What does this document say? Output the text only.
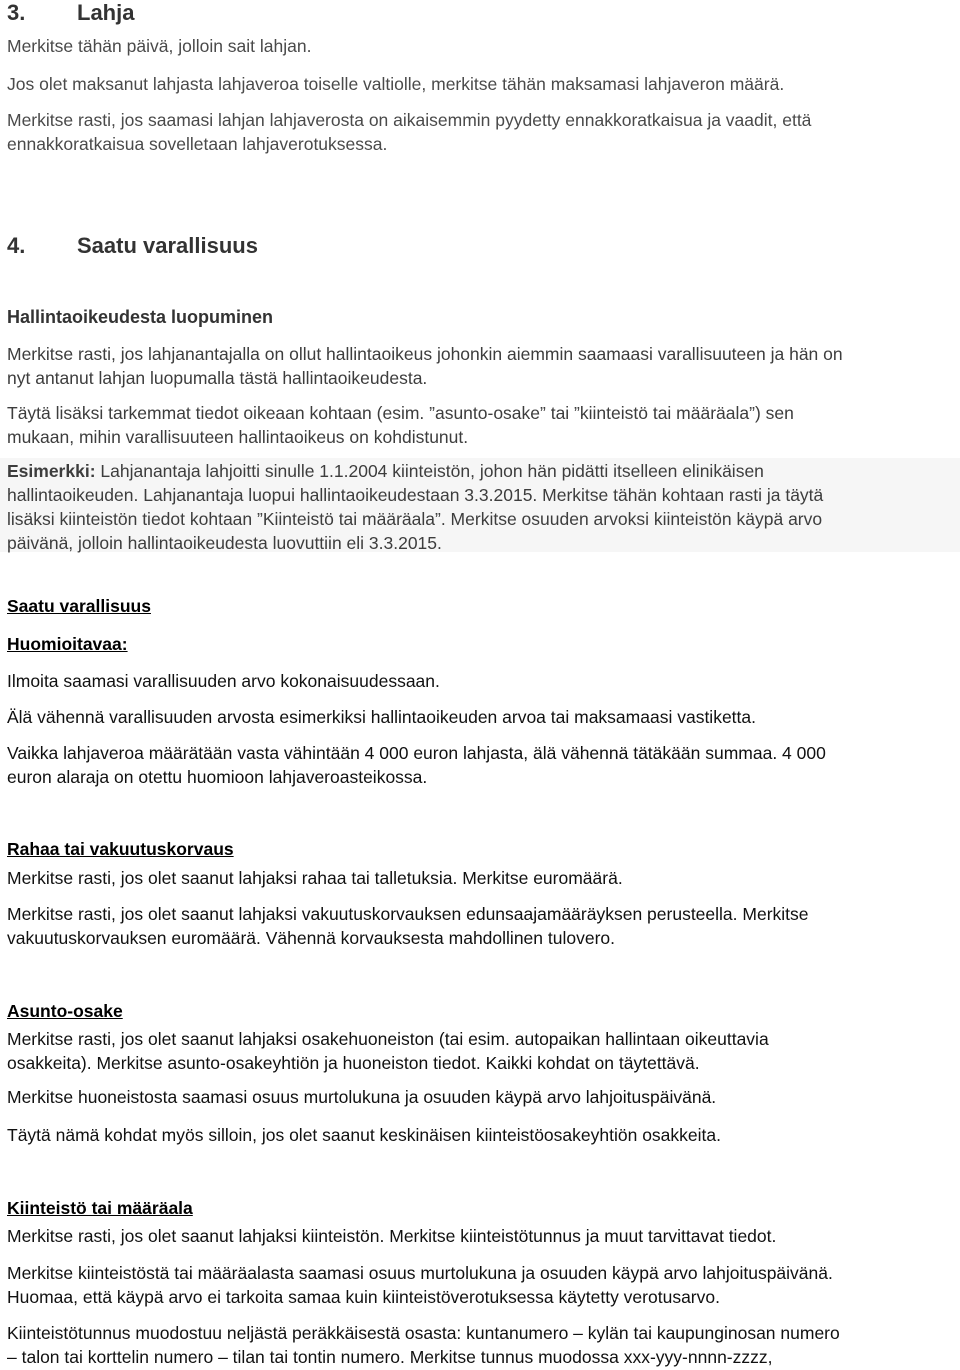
3. Lahja

Merkitse tähän päivä, jolloin sait lahjan.

Jos olet maksanut lahjasta lahjaveroa toiselle valtiolle, merkitse tähän maksamasi lahjaveron määrä.

Merkitse rasti, jos saamasi lahjan lahjaverosta on aikaisemmin pyydetty ennakkoratkaisua ja vaadit, että
ennakkoratkaisua sovelletaan lahjaverotuksessa.

4. Saatu varallisuus
Hallintaoikeudesta luopuminen

Merkitse rasti, jos lahjanantajalla on ollut hallintaoikeus johonkin aiemmin saamaasi varallisuuteen ja hän on
nyt antanut lahjan luopumalla tästä hallintaoikeudesta.

Täytä lisäksi tarkemmat tiedot oikeaan kohtaan (esim. ”asunto-osake” tai ”kiinteistö tai määräala”) sen
mukaan, mihin varallisuuteen hallintaoikeus on kohdistunut.

Esimerkki: Lahjanantaja lahjoitti sinulle 1.1.2004 kiinteistön, johon hän pidätti itselleen elinikäisen
hallintaoikeuden. Lahjanantaja luopui hallintaoikeudestaan 3.3.2015. Merkitse tähän kohtaan rasti ja täytä
lisäksi kiinteistön tiedot kohtaan ”Kiinteistö tai määräala”. Merkitse osuuden arvoksi kiinteistön käypä arvo
päivänä, jolloin hallintaoikeudesta luovuttiin eli 3.3.2015.

Saatu varallisuus
Huomioitavaa:

Ilmoita saamasi varallisuuden arvo kokonaisuudessaan.

Älä vähennä varallisuuden arvosta esimerkiksi hallintaoikeuden arvoa tai maksamaasi vastiketta.

Vaikka lahjaveroa määrätään vasta vähintään 4 000 euron lahjasta, älä vähennä tätäkään summaa. 4 000
euron alaraja on otettu huomioon lahjaveroasteikossa.

Rahaa tai vakuutuskorvaus

Merkitse rasti, jos olet saanut lahjaksi rahaa tai talletuksia. Merkitse euromäärä.

Merkitse rasti, jos olet saanut lahjaksi vakuutuskorvauksen edunsaajamääräyksen perusteella. Merkitse
vakuutuskorvauksen euromäärä. Vähennä korvauksesta mahdollinen tulovero.

Asunto-osake

Merkitse rasti, jos olet saanut lahjaksi osakehuoneiston (tai esim. autopaikan hallintaan oikeuttavia
osakkeita). Merkitse asunto-osakeyhtiön ja huoneiston tiedot. Kaikki kohdat on täytettävä.

Merkitse huoneistosta saamasi osuus murtolukuna ja osuuden käypä arvo lahjoituspäivänä.

Täytä nämä kohdat myös silloin, jos olet saanut keskinäisen kiinteistöosakeyhtiön osakkeita.

Kiinteistö tai määräala

Merkitse rasti, jos olet saanut lahjaksi kiinteistön. Merkitse kiinteistötunnus ja muut tarvittavat tiedot.

Merkitse kiinteistöstä tai määräalasta saamasi osuus murtolukuna ja osuuden käypä arvo lahjoituspäivänä.
Huomaa, että käypä arvo ei tarkoita samaa kuin kiinteistöverotuksessa käytetty verotusarvo.

Kiinteistötunnus muodostuu neljästä peräkkäisestä osasta: kuntanumero – kylän tai kaupunginosan numero
– talon tai korttelin numero – tilan tai tontin numero. Merkitse tunnus muodossa xxx-yyy-nnnn-zzzz,
